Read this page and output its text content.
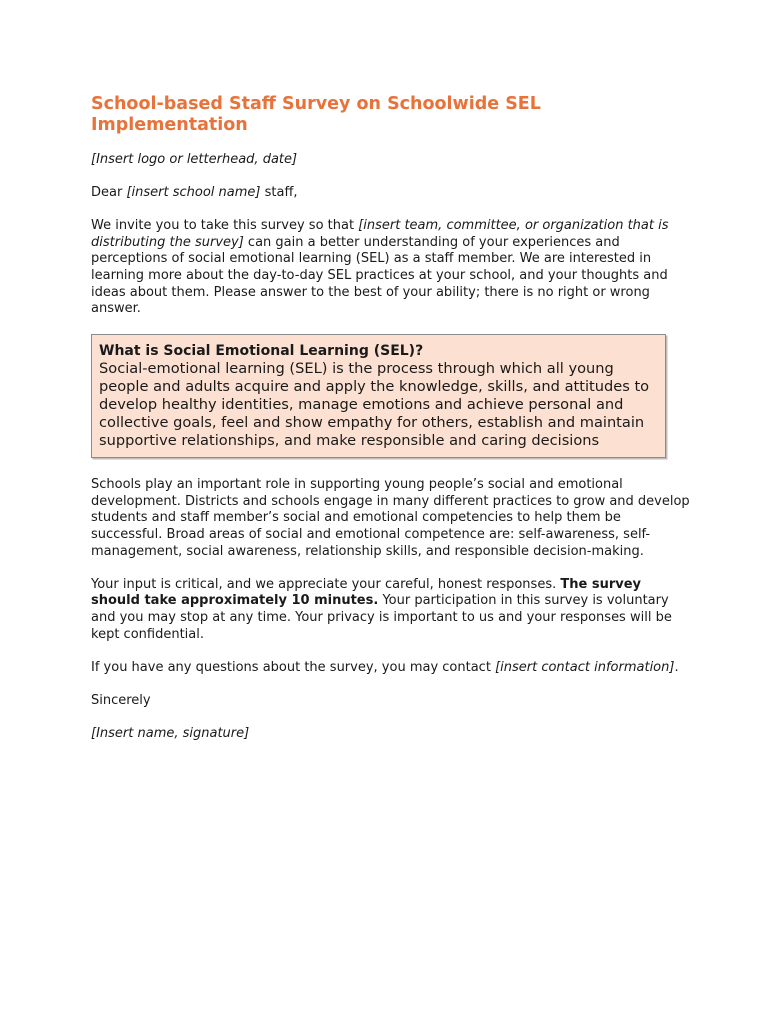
School-based Staff Survey on Schoolwide SEL Implementation

[Insert logo or letterhead, date]

Dear [insert school name] staff,

We invite you to take this survey so that [insert team, committee, or organization that is distributing the survey] can gain a better understanding of your experiences and perceptions of social emotional learning (SEL) as a staff member. We are interested in learning more about the day-to-day SEL practices at your school, and your thoughts and ideas about them. Please answer to the best of your ability; there is no right or wrong answer.

What is Social Emotional Learning (SEL)?
Social-emotional learning (SEL) is the process through which all young people and adults acquire and apply the knowledge, skills, and attitudes to develop healthy identities, manage emotions and achieve personal and collective goals, feel and show empathy for others, establish and maintain supportive relationships, and make responsible and caring decisions

Schools play an important role in supporting young people’s social and emotional development. Districts and schools engage in many different practices to grow and develop students and staff member’s social and emotional competencies to help them be successful. Broad areas of social and emotional competence are: self-awareness, self-management, social awareness, relationship skills, and responsible decision-making.

Your input is critical, and we appreciate your careful, honest responses. The survey should take approximately 10 minutes. Your participation in this survey is voluntary and you may stop at any time. Your privacy is important to us and your responses will be kept confidential.

If you have any questions about the survey, you may contact [insert contact information].

Sincerely

[Insert name, signature]
